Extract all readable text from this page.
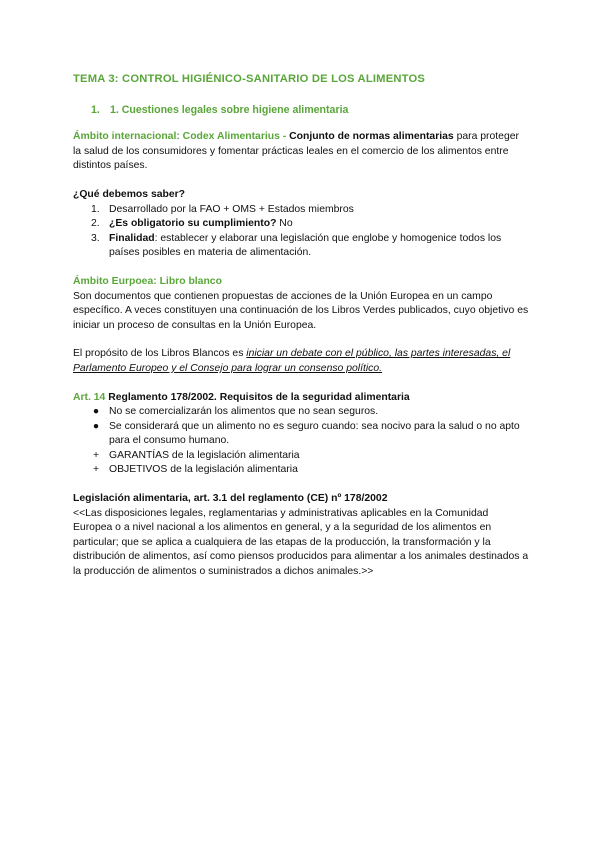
TEMA 3: CONTROL HIGIÉNICO-SANITARIO DE LOS ALIMENTOS
1. 1. Cuestiones legales sobre higiene alimentaria

Ámbito internacional: Codex Alimentarius - Conjunto de normas alimentarias para proteger la salud de los consumidores y fomentar prácticas leales en el comercio de los alimentos entre distintos países.

¿Qué debemos saber?

1. Desarrollado por la FAO + OMS + Estados miembros
2. ¿Es obligatorio su cumplimiento? No
3. Finalidad: establecer y elaborar una legislación que englobe y homogenice todos los países posibles en materia de alimentación.

Ámbito Eurpoea: Libro blanco

Son documentos que contienen propuestas de acciones de la Unión Europea en un campo específico. A veces constituyen una continuación de los Libros Verdes publicados, cuyo objetivo es iniciar un proceso de consultas en la Unión Europea.

El propósito de los Libros Blancos es iniciar un debate con el público, las partes interesadas, el Parlamento Europeo y el Consejo para lograr un consenso político.

Art. 14 Reglamento 178/2002. Requisitos de la seguridad alimentaria

● No se comercializarán los alimentos que no sean seguros.
● Se considerará que un alimento no es seguro cuando: sea nocivo para la salud o no apto para el consumo humano.
+ GARANTÍAS de la legislación alimentaria
+ OBJETIVOS de la legislación alimentaria

Legislación alimentaria, art. 3.1 del reglamento (CE) nº 178/2002

<<Las disposiciones legales, reglamentarias y administrativas aplicables en la Comunidad Europea o a nivel nacional a los alimentos en general, y a la seguridad de los alimentos en particular; que se aplica a cualquiera de las etapas de la producción, la transformación y la distribución de alimentos, así como piensos producidos para alimentar a los animales destinados a la producción de alimentos o suministrados a dichos animales.>>
